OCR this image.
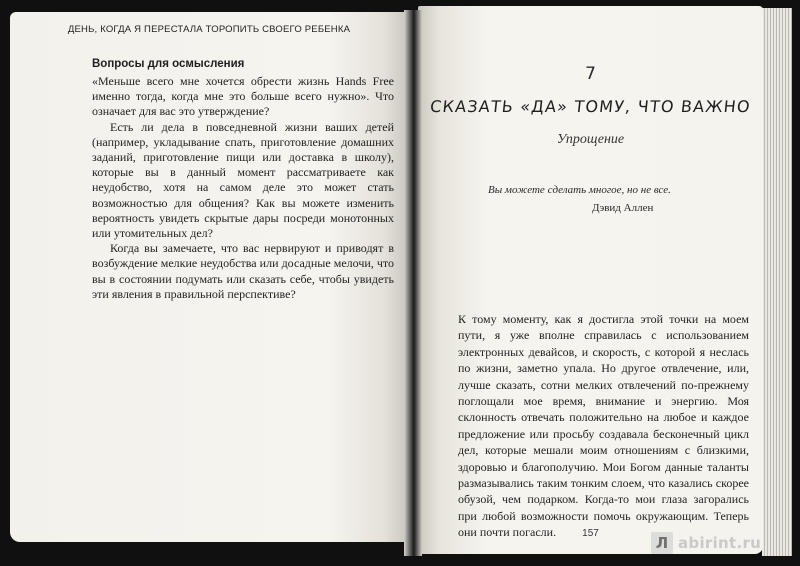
ДЕНЬ, КОГДА Я ПЕРЕСТАЛА ТОРОПИТЬ СВОЕГО РЕБЕНКА
Вопросы для осмысления

«Меньше всего мне хочется обрести жизнь Hands Free именно тогда, когда мне это больше всего нужно». Что означает для вас это утверждение?

Есть ли дела в повседневной жизни ваших детей (например, укладывание спать, приготовление домашних заданий, приготовление пищи или доставка в школу), которые вы в данный момент рассматриваете как неудобство, хотя на самом деле это может стать возможностью для общения? Как вы можете изменить вероятность увидеть скрытые дары посреди монотонных или утомительных дел?

Когда вы замечаете, что вас нервируют и приводят в возбуждение мелкие неудобства или досадные мелочи, что вы в состоянии подумать или сказать себе, чтобы увидеть эти явления в правильной перспективе?

7
СКАЗАТЬ «ДА» ТОМУ, ЧТО ВАЖНО
Упрощение
Вы можете сделать многое, но не все.
Дэвид Аллен

К тому моменту, как я достигла этой точки на моем пути, я уже вполне справилась с использованием электронных девайсов, и скорость, с которой я неслась по жизни, заметно упала. Но другое отвлечение, или, лучше сказать, сотни мелких отвлечений по-прежнему поглощали мое время, внимание и энергию. Моя склонность отвечать положительно на любое и каждое предложение или просьбу создавала бесконечный цикл дел, которые мешали моим отношениям с близкими, здоровью и благополучию. Мои Богом данные таланты размазывались таким тонким слоем, что казались скорее обузой, чем подарком. Когда-то мои глаза загорались при любой возможности помочь окружающим. Теперь они почти погасли.	157
Л abirint.ru
